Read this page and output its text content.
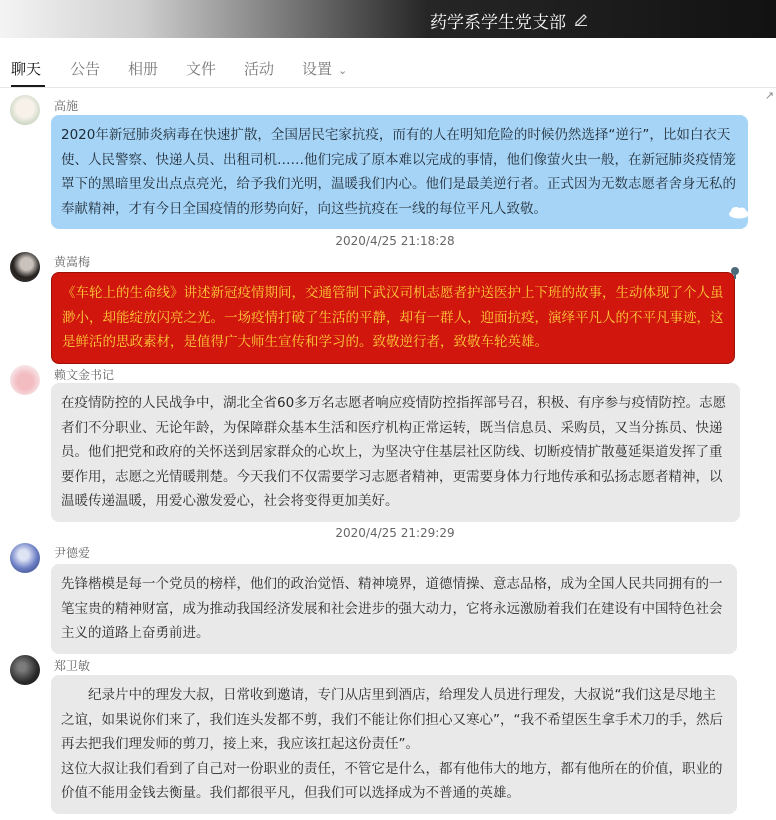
药学系学生党支部
聊天 公告 相册 文件 活动 设置 ⌄
↗
高施
2020年新冠肺炎病毒在快速扩散，全国居民宅家抗疫，而有的人在明知危险的时候仍然选择“逆行”，比如白衣天使、人民警察、快递人员、出租司机……他们完成了原本难以完成的事情，他们像萤火虫一般，在新冠肺炎疫情笼罩下的黑暗里发出点点亮光，给予我们光明，温暖我们内心。他们是最美逆行者。正式因为无数志愿者舍身无私的奉献精神，才有今日全国疫情的形势向好，向这些抗疫在一线的每位平凡人致敬。
2020/4/25 21:18:28
黄嵩梅
《车轮上的生命线》讲述新冠疫情期间，交通管制下武汉司机志愿者护送医护上下班的故事，生动体现了个人虽渺小，却能绽放闪亮之光。一场疫情打破了生活的平静，却有一群人，迎面抗疫，演绎平凡人的不平凡事迹，这是鲜活的思政素材，是值得广大师生宣传和学习的。致敬逆行者，致敬车轮英雄。
赖文金书记
在疫情防控的人民战争中，湖北全省60多万名志愿者响应疫情防控指挥部号召，积极、有序参与疫情防控。志愿者们不分职业、无论年龄，为保障群众基本生活和医疗机构正常运转，既当信息员、采购员，又当分拣员、快递员。他们把党和政府的关怀送到居家群众的心坎上，为坚决守住基层社区防线、切断疫情扩散蔓延渠道发挥了重要作用，志愿之光情暖荆楚。今天我们不仅需要学习志愿者精神，更需要身体力行地传承和弘扬志愿者精神，以温暖传递温暖，用爱心激发爱心，社会将变得更加美好。
2020/4/25 21:29:29
尹德爱
先锋楷模是每一个党员的榜样，他们的政治觉悟、精神境界，道德情操、意志品格，成为全国人民共同拥有的一笔宝贵的精神财富，成为推动我国经济发展和社会进步的强大动力，它将永远激励着我们在建设有中国特色社会主义的道路上奋勇前进。
郑卫敏
纪录片中的理发大叔，日常收到邀请，专门从店里到酒店，给理发人员进行理发，大叔说“我们这是尽地主之谊，如果说你们来了，我们连头发都不剪，我们不能让你们担心又寒心”，“我不希望医生拿手术刀的手，然后再去把我们理发师的剪刀，接上来，我应该扛起这份责任”。
这位大叔让我们看到了自己对一份职业的责任，不管它是什么，都有他伟大的地方，都有他所在的价值，职业的价值不能用金钱去衡量。我们都很平凡，但我们可以选择成为不普通的英雄。
